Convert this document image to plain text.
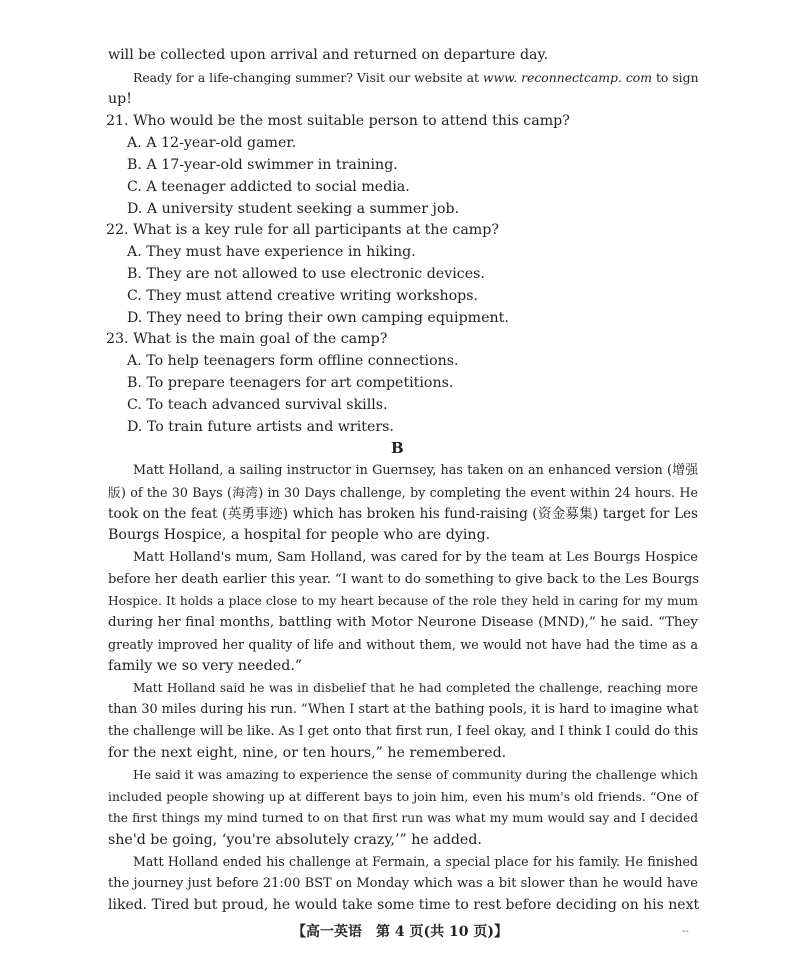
will be collected upon arrival and returned on departure day.
Ready for a life-changing summer? Visit our website at www. reconnectcamp. com to sign
up!
21. Who would be the most suitable person to attend this camp?
A. A 12-year-old gamer.
B. A 17-year-old swimmer in training.
C. A teenager addicted to social media.
D. A university student seeking a summer job.
22. What is a key rule for all participants at the camp?
A. They must have experience in hiking.
B. They are not allowed to use electronic devices.
C. They must attend creative writing workshops.
D. They need to bring their own camping equipment.
23. What is the main goal of the camp?
A. To help teenagers form offline connections.
B. To prepare teenagers for art competitions.
C. To teach advanced survival skills.
D. To train future artists and writers.
B
Matt Holland, a sailing instructor in Guernsey, has taken on an enhanced version (增强
版) of the 30 Bays (海湾) in 30 Days challenge, by completing the event within 24 hours. He
took on the feat (英勇事迹) which has broken his fund-raising (资金募集) target for Les
Bourgs Hospice, a hospital for people who are dying.
Matt Holland's mum, Sam Holland, was cared for by the team at Les Bourgs Hospice
before her death earlier this year. “I want to do something to give back to the Les Bourgs
Hospice. It holds a place close to my heart because of the role they held in caring for my mum
during her final months, battling with Motor Neurone Disease (MND),” he said. “They
greatly improved her quality of life and without them, we would not have had the time as a
family we so very needed.”
Matt Holland said he was in disbelief that he had completed the challenge, reaching more
than 30 miles during his run. “When I start at the bathing pools, it is hard to imagine what
the challenge will be like. As I get onto that first run, I feel okay, and I think I could do this
for the next eight, nine, or ten hours,” he remembered.
He said it was amazing to experience the sense of community during the challenge which
included people showing up at different bays to join him, even his mum's old friends. “One of
the first things my mind turned to on that first run was what my mum would say and I decided
she'd be going, ‘you're absolutely crazy,’” he added.
Matt Holland ended his challenge at Fermain, a special place for his family. He finished
the journey just before 21:00 BST on Monday which was a bit slower than he would have
liked. Tired but proud, he would take some time to rest before deciding on his next
【高一英语　第 4 页(共 10 页)】	--
